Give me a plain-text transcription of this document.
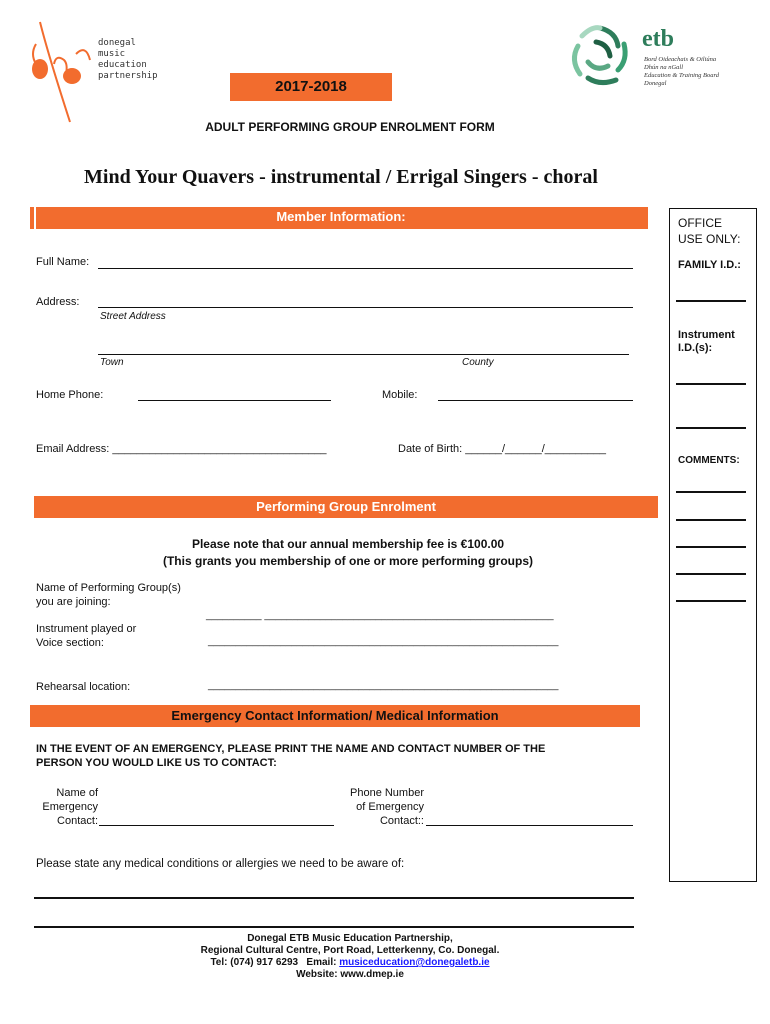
donegal
music
education
partnership
etb
Bord Oideachais & Oiliúna
Dhún na nGall
Education & Training Board
Donegal
2017-2018
ADULT PERFORMING GROUP ENROLMENT FORM
Mind Your Quavers - instrumental / Errigal Singers - choral
OFFICE
USE ONLY:
FAMILY I.D.:
Instrument
I.D.(s):
COMMENTS:
Member Information:
Full Name:
Address:
Street Address
Town	County
Home Phone:	Mobile:
Email Address: ___________________________________	Date of Birth: ______/______/__________
Performing Group Enrolment
Please note that our annual membership fee is €100.00
(This grants you membership of one or more performing groups)
Name of Performing Group(s)
you are joining:
__________ ____________________________________________________
Instrument played or
Voice section:	_______________________________________________________________
Rehearsal location:	_______________________________________________________________
Emergency Contact Information/ Medical Information
IN THE EVENT OF AN EMERGENCY, PLEASE PRINT THE NAME AND CONTACT NUMBER OF THE
PERSON YOU WOULD LIKE US TO CONTACT:
Name of
Emergency
Contact:
Phone Number
of Emergency
Contact::
Please state any medical conditions or allergies we need to be aware of:
Donegal ETB Music Education Partnership,
Regional Cultural Centre, Port Road, Letterkenny, Co. Donegal.
Tel: (074) 917 6293   Email: musiceducation@donegaletb.ie
Website: www.dmep.ie
